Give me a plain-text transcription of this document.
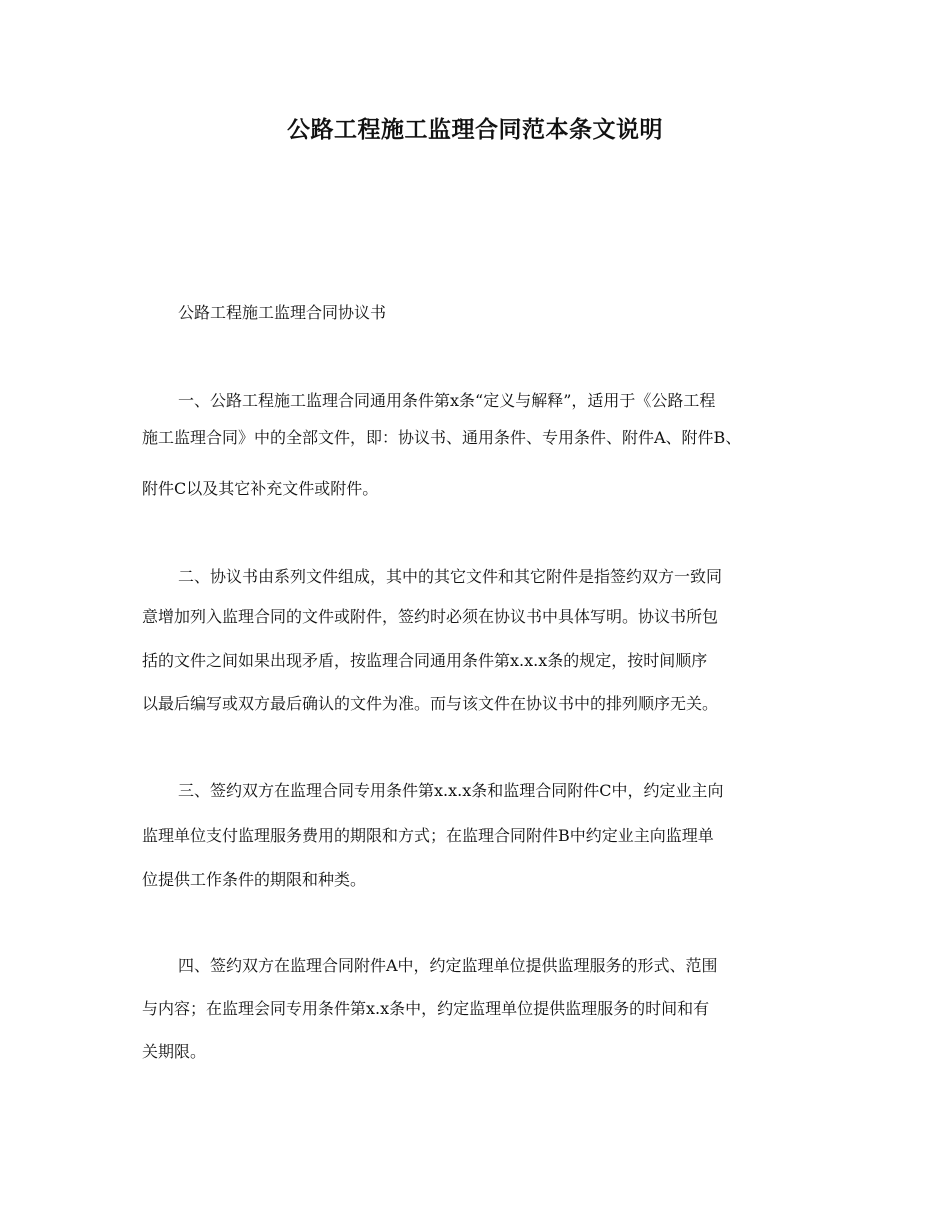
公路工程施工监理合同范本条文说明

公路工程施工监理合同协议书

一、公路工程施工监理合同通用条件第x条“定义与解释”，适用于《公路工程

施工监理合同》中的全部文件，即：协议书、通用条件、专用条件、附件A、附件B、

附件C以及其它补充文件或附件。

二、协议书由系列文件组成，其中的其它文件和其它附件是指签约双方一致同

意增加列入监理合同的文件或附件，签约时必须在协议书中具体写明。协议书所包

括的文件之间如果出现矛盾，按监理合同通用条件第x.x.x条的规定，按时间顺序

以最后编写或双方最后确认的文件为准。而与该文件在协议书中的排列顺序无关。

三、签约双方在监理合同专用条件第x.x.x条和监理合同附件C中，约定业主向

监理单位支付监理服务费用的期限和方式；在监理合同附件B中约定业主向监理单

位提供工作条件的期限和种类。

四、签约双方在监理合同附件A中，约定监理单位提供监理服务的形式、范围

与内容；在监理会同专用条件第x.x条中，约定监理单位提供监理服务的时间和有

关期限。
